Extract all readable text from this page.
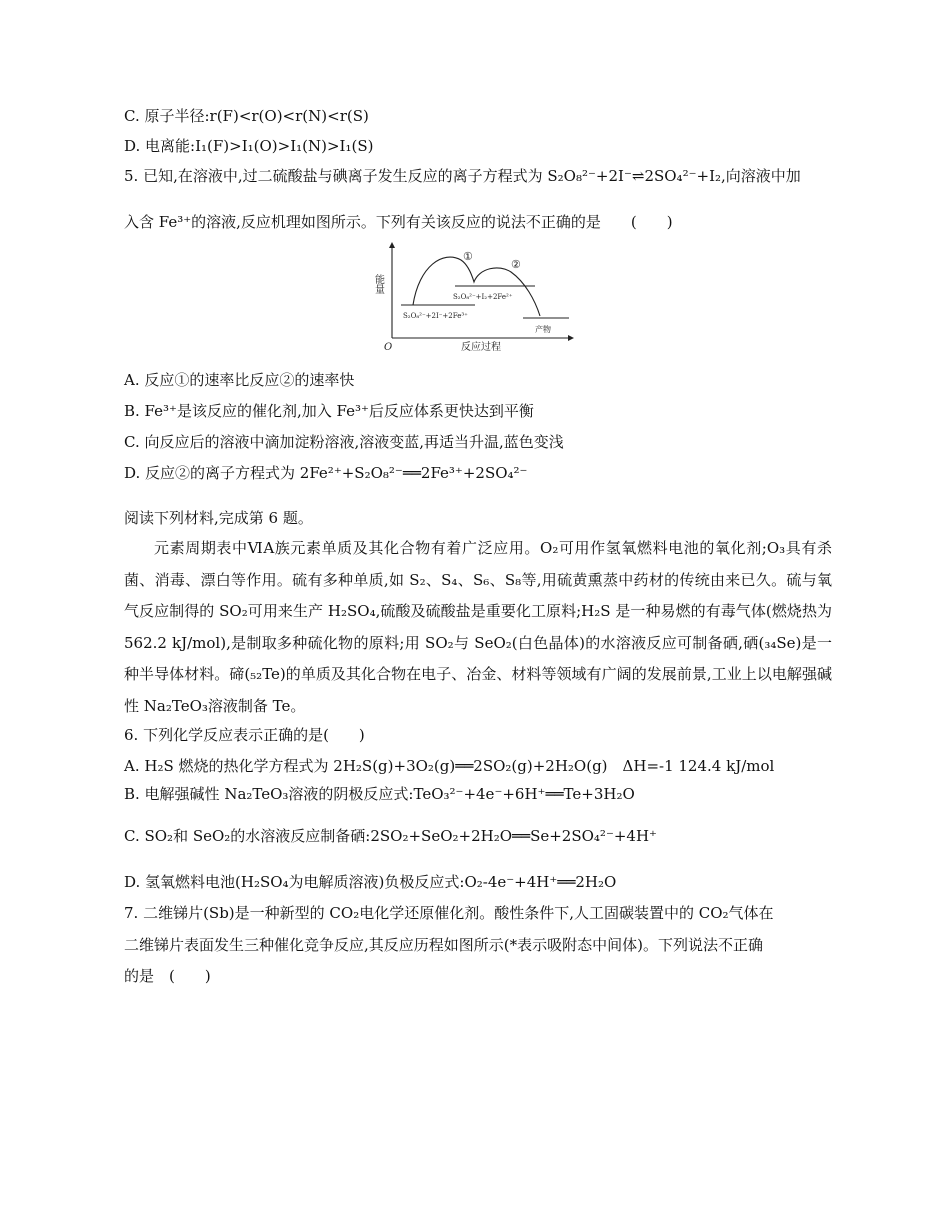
C. 原子半径:r(F)<r(O)<r(N)<r(S)
D. 电离能:I₁(F)>I₁(O)>I₁(N)>I₁(S)
5. 已知,在溶液中,过二硫酸盐与碘离子发生反应的离子方程式为 S₂O₈²⁻+2I⁻⇌2SO₄²⁻+I₂,向溶液中加
入含 Fe³⁺的溶液,反应机理如图所示。下列有关该反应的说法不正确的是　　(　　)
能量
O	反应过程
①
②
S₂O₈²⁻+2I⁻+2Fe³⁺
S₂O₈²⁻+I₂+2Fe²⁺
产物
A. 反应①的速率比反应②的速率快
B. Fe³⁺是该反应的催化剂,加入 Fe³⁺后反应体系更快达到平衡
C. 向反应后的溶液中滴加淀粉溶液,溶液变蓝,再适当升温,蓝色变浅
D. 反应②的离子方程式为 2Fe²⁺+S₂O₈²⁻══2Fe³⁺+2SO₄²⁻
阅读下列材料,完成第 6 题。
元素周期表中ⅥA族元素单质及其化合物有着广泛应用。O₂可用作氢氧燃料电池的氧化剂;O₃具有杀菌、消毒、漂白等作用。硫有多种单质,如 S₂、S₄、S₆、S₈等,用硫黄熏蒸中药材的传统由来已久。硫与氧气反应制得的 SO₂可用来生产 H₂SO₄,硫酸及硫酸盐是重要化工原料;H₂S 是一种易燃的有毒气体(燃烧热为 562.2 kJ/mol),是制取多种硫化物的原料;用 SO₂与 SeO₂(白色晶体)的水溶液反应可制备硒,硒(₃₄Se)是一种半导体材料。碲(₅₂Te)的单质及其化合物在电子、冶金、材料等领域有广阔的发展前景,工业上以电解强碱性 Na₂TeO₃溶液制备 Te。
6. 下列化学反应表示正确的是(　　)
A. H₂S 燃烧的热化学方程式为 2H₂S(g)+3O₂(g)══2SO₂(g)+2H₂O(g)　ΔH=-1 124.4 kJ/mol
B. 电解强碱性 Na₂TeO₃溶液的阴极反应式:TeO₃²⁻+4e⁻+6H⁺══Te+3H₂O
C. SO₂和 SeO₂的水溶液反应制备硒:2SO₂+SeO₂+2H₂O══Se+2SO₄²⁻+4H⁺
D. 氢氧燃料电池(H₂SO₄为电解质溶液)负极反应式:O₂-4e⁻+4H⁺══2H₂O
7. 二维锑片(Sb)是一种新型的 CO₂电化学还原催化剂。酸性条件下,人工固碳装置中的 CO₂气体在
二维锑片表面发生三种催化竞争反应,其反应历程如图所示(*表示吸附态中间体)。下列说法不正确
的是　(　　)
